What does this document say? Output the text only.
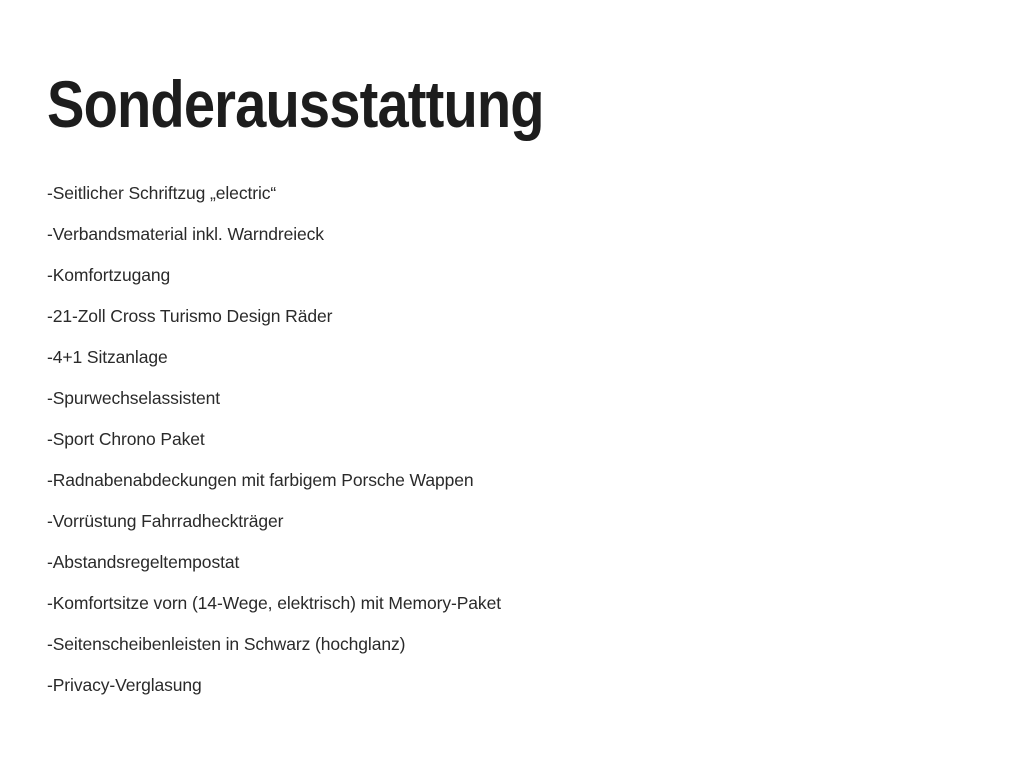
Sonderausstattung
-Seitlicher Schriftzug „electric“
-Verbandsmaterial inkl. Warndreieck
-Komfortzugang
-21-Zoll Cross Turismo Design Räder
-4+1 Sitzanlage
-Spurwechselassistent
-Sport Chrono Paket
-Radnabenabdeckungen mit farbigem Porsche Wappen
-Vorrüstung Fahrradheckträger
-Abstandsregeltempostat
-Komfortsitze vorn (14-Wege, elektrisch) mit Memory-Paket
-Seitenscheibenleisten in Schwarz (hochglanz)
-Privacy-Verglasung
